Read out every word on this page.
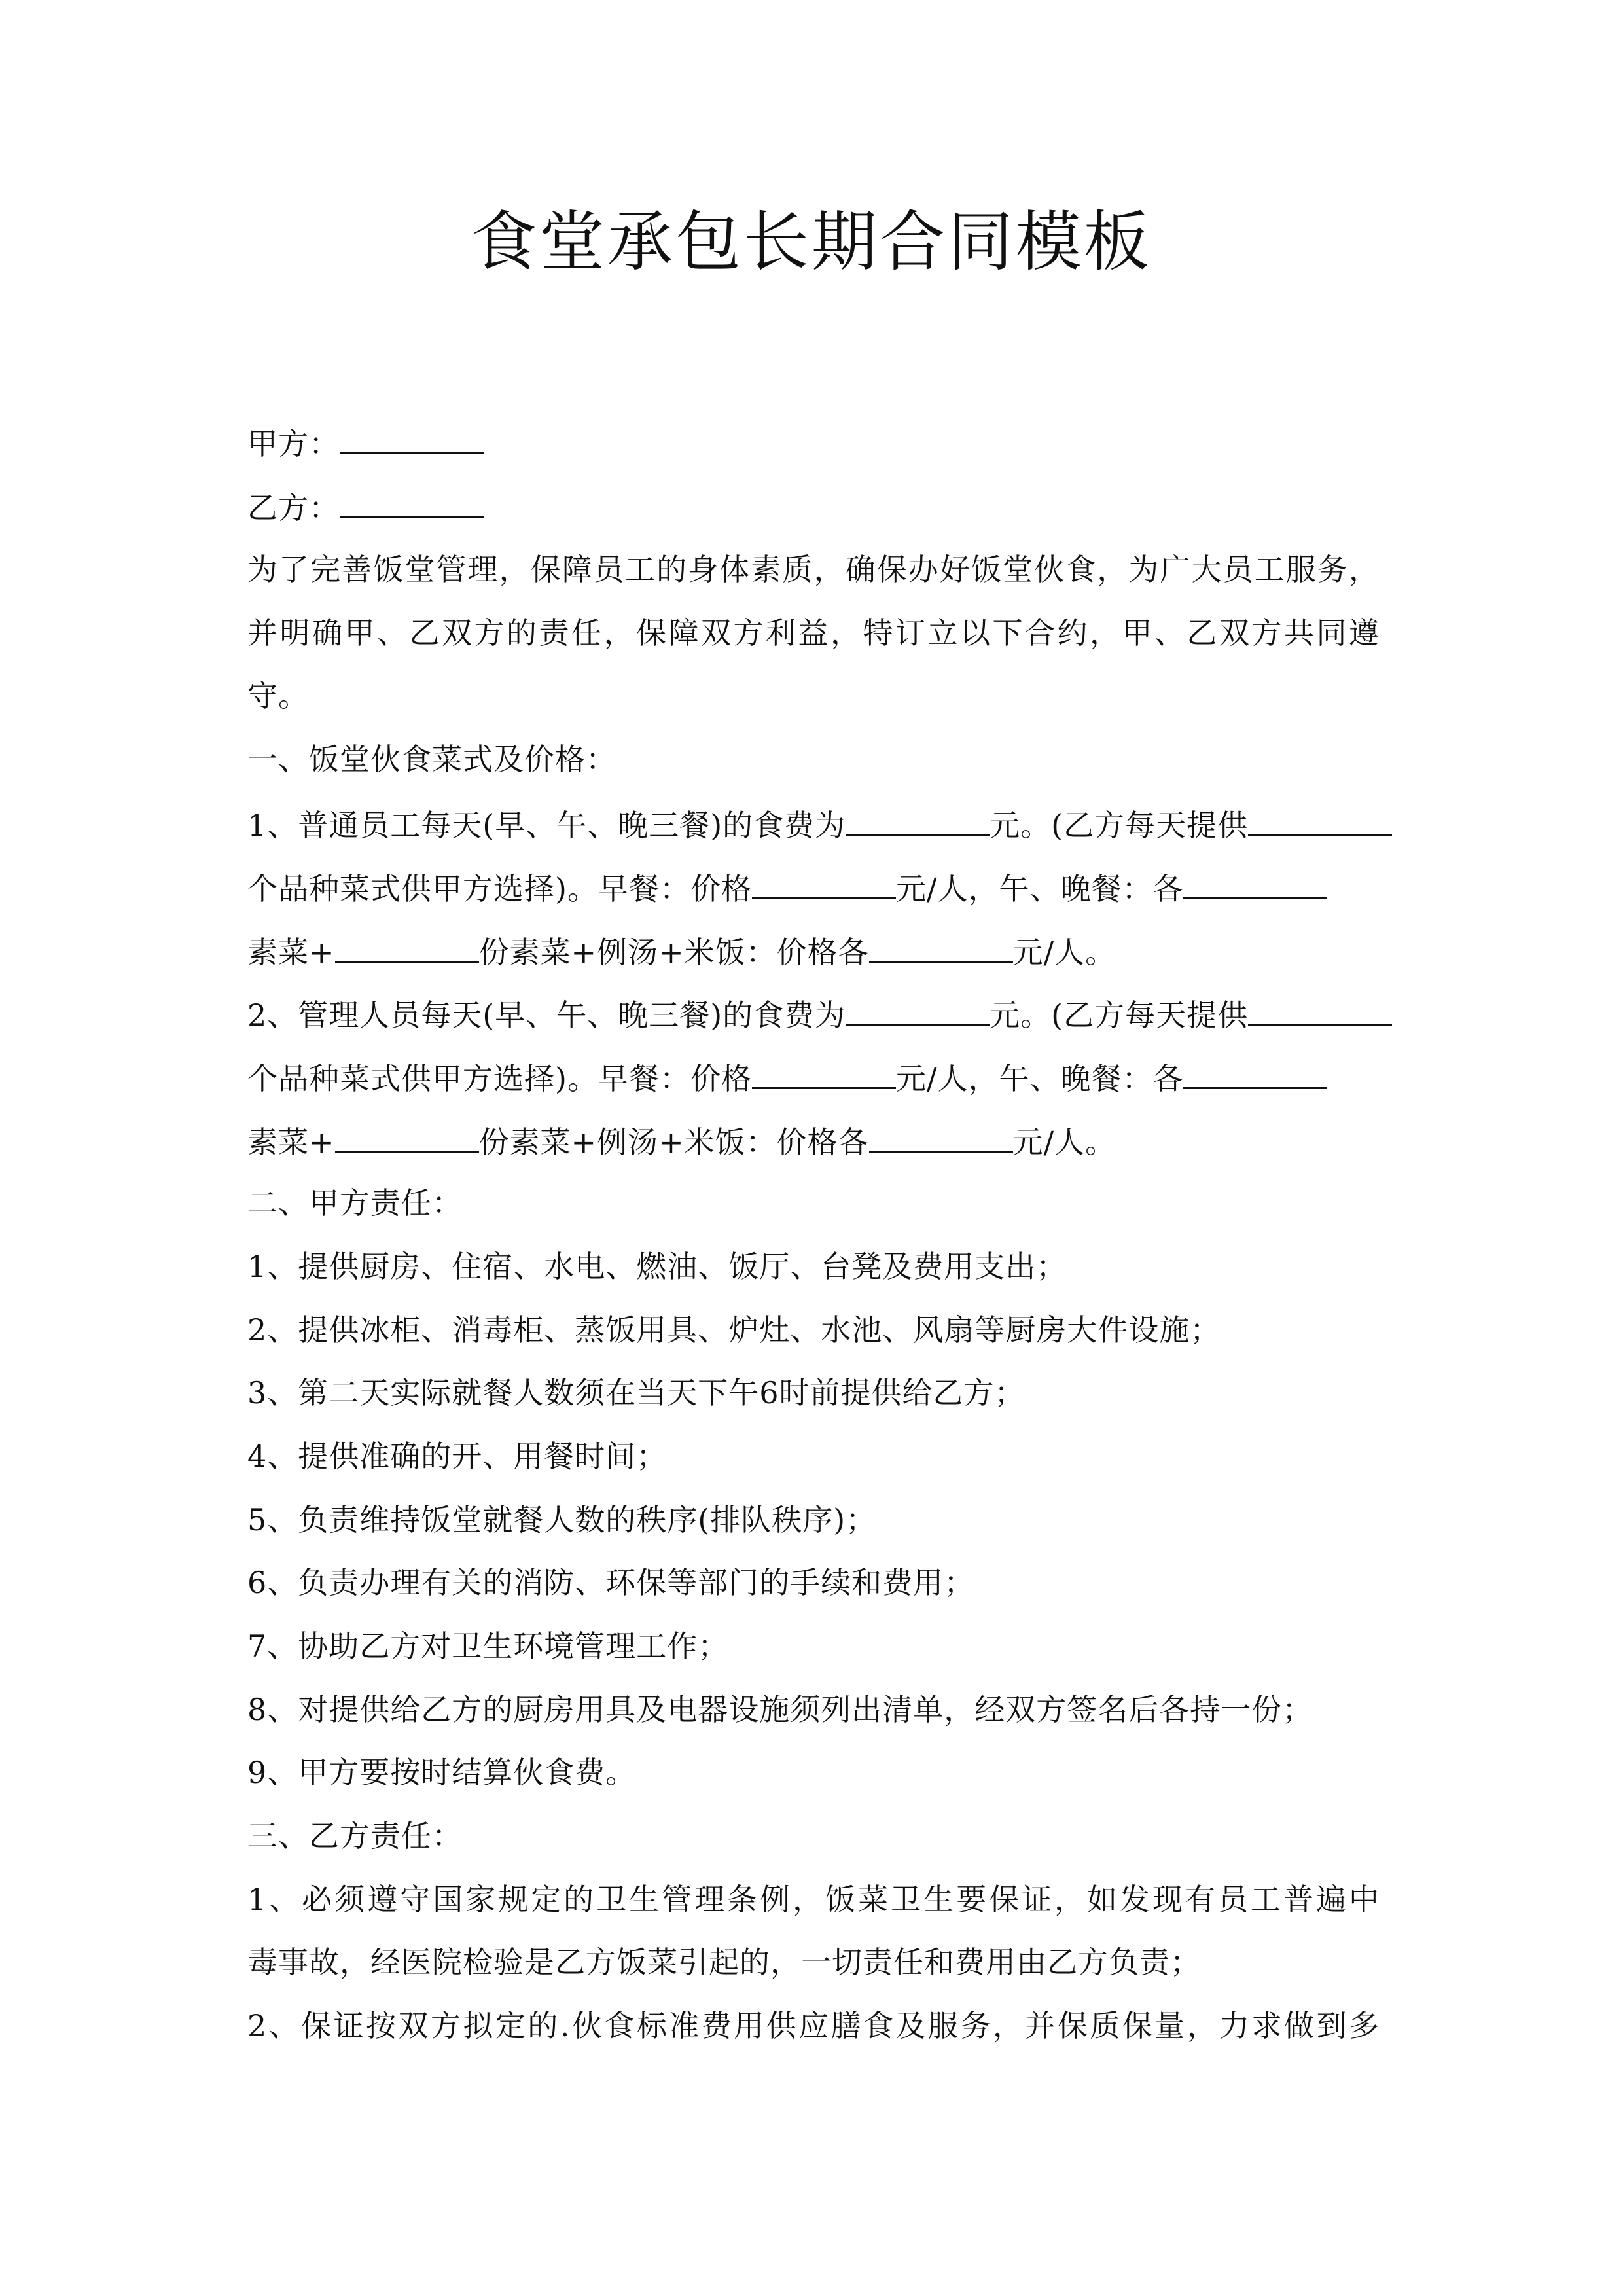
食堂承包长期合同模板
甲方：
乙方：
为了完善饭堂管理，保障员工的身体素质，确保办好饭堂伙食，为广大员工服务，
并明确甲、乙双方的责任，保障双方利益，特订立以下合约，甲、乙双方共同遵
守。
一、饭堂伙食菜式及价格：
1、普通员工每天(早、午、晚三餐)的食费为	元。(乙方每天提供
个品种菜式供甲方选择)。早餐：价格	元/人，午、晚餐：各
素菜+	份素菜+例汤+米饭：价格各	元/人。
2、管理人员每天(早、午、晚三餐)的食费为	元。(乙方每天提供
个品种菜式供甲方选择)。早餐：价格	元/人，午、晚餐：各
素菜+	份素菜+例汤+米饭：价格各	元/人。
二、甲方责任：
1、提供厨房、住宿、水电、燃油、饭厅、台凳及费用支出；
2、提供冰柜、消毒柜、蒸饭用具、炉灶、水池、风扇等厨房大件设施；
3、第二天实际就餐人数须在当天下午6时前提供给乙方；
4、提供准确的开、用餐时间；
5、负责维持饭堂就餐人数的秩序(排队秩序)；
6、负责办理有关的消防、环保等部门的手续和费用；
7、协助乙方对卫生环境管理工作；
8、对提供给乙方的厨房用具及电器设施须列出清单，经双方签名后各持一份；
9、甲方要按时结算伙食费。
三、乙方责任：
1、必须遵守国家规定的卫生管理条例，饭菜卫生要保证，如发现有员工普遍中
毒事故，经医院检验是乙方饭菜引起的，一切责任和费用由乙方负责；
2、保证按双方拟定的.伙食标准费用供应膳食及服务，并保质保量，力求做到多
